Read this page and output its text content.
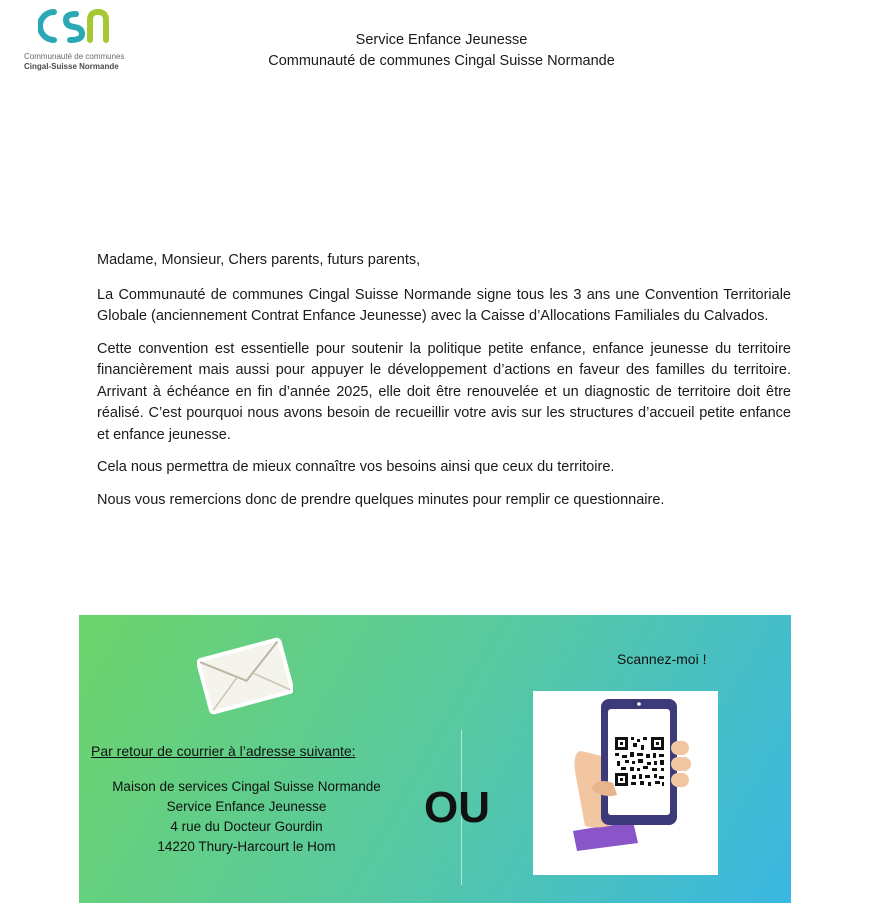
Communauté de communes
Cingal-Suisse Normande
Service Enfance Jeunesse
Communauté de communes Cingal Suisse Normande

Madame, Monsieur, Chers parents, futurs parents,

La Communauté de communes Cingal Suisse Normande signe tous les 3 ans une Convention Territoriale Globale (anciennement Contrat Enfance Jeunesse) avec la Caisse d’Allocations Familiales du Calvados.

Cette convention est essentielle pour soutenir la politique petite enfance, enfance jeunesse du territoire financièrement mais aussi pour appuyer le développement d’actions en faveur des familles du territoire. Arrivant à échéance en fin d’année 2025, elle doit être renouvelée et un diagnostic de territoire doit être réalisé. C’est pourquoi nous avons besoin de recueillir votre avis sur les structures d’accueil petite enfance et enfance jeunesse.

Cela nous permettra de mieux connaître vos besoins ainsi que ceux du territoire.

Nous vous remercions donc de prendre quelques minutes pour remplir ce questionnaire.

Par retour de courrier à l’adresse suivante:
Maison de services Cingal Suisse Normande
Service Enfance Jeunesse
4 rue du Docteur Gourdin
14220 Thury-Harcourt le Hom
OU
Scannez-moi !
